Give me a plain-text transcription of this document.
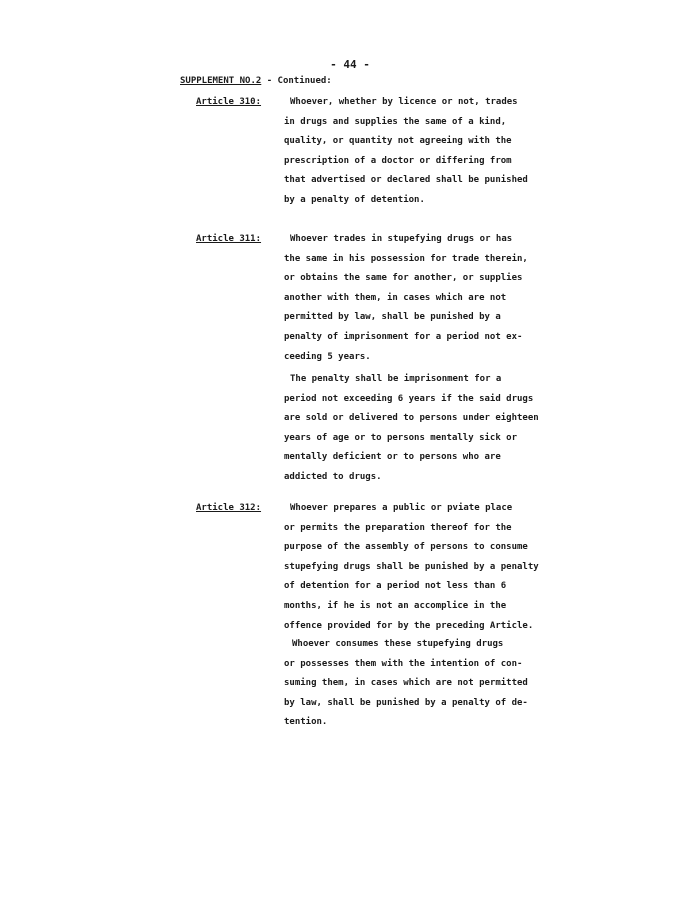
- 44 -
SUPPLEMENT NO.2 - Continued:
Article 310:	Whoever, whether by licence or not, trades
in drugs and supplies the same of a kind,
quality, or quantity not agreeing with the
prescription of a doctor or differing from
that advertised or declared shall be punished
by a penalty of detention.
Article 311:	Whoever trades in stupefying drugs or has
the same in his possession for trade therein,
or obtains the same for another, or supplies
another with them, in cases which are not
permitted by law, shall be punished by a
penalty of imprisonment for a period not ex-
ceeding 5 years.
The penalty shall be imprisonment for a
period not exceeding 6 years if the said drugs
are sold or delivered to persons under eighteen
years of age or to persons mentally sick or
mentally deficient or to persons who are
addicted to drugs.
Article 312:	Whoever prepares a public or pviate place
or permits the preparation thereof for the
purpose of the assembly of persons to consume
stupefying drugs shall be punished by a penalty
of detention for a period not less than 6
months, if he is not an accomplice in the
offence provided for by the preceding Article.
Whoever consumes these stupefying drugs
or possesses them with the intention of con-
suming them, in cases which are not permitted
by law, shall be punished by a penalty of de-
tention.
